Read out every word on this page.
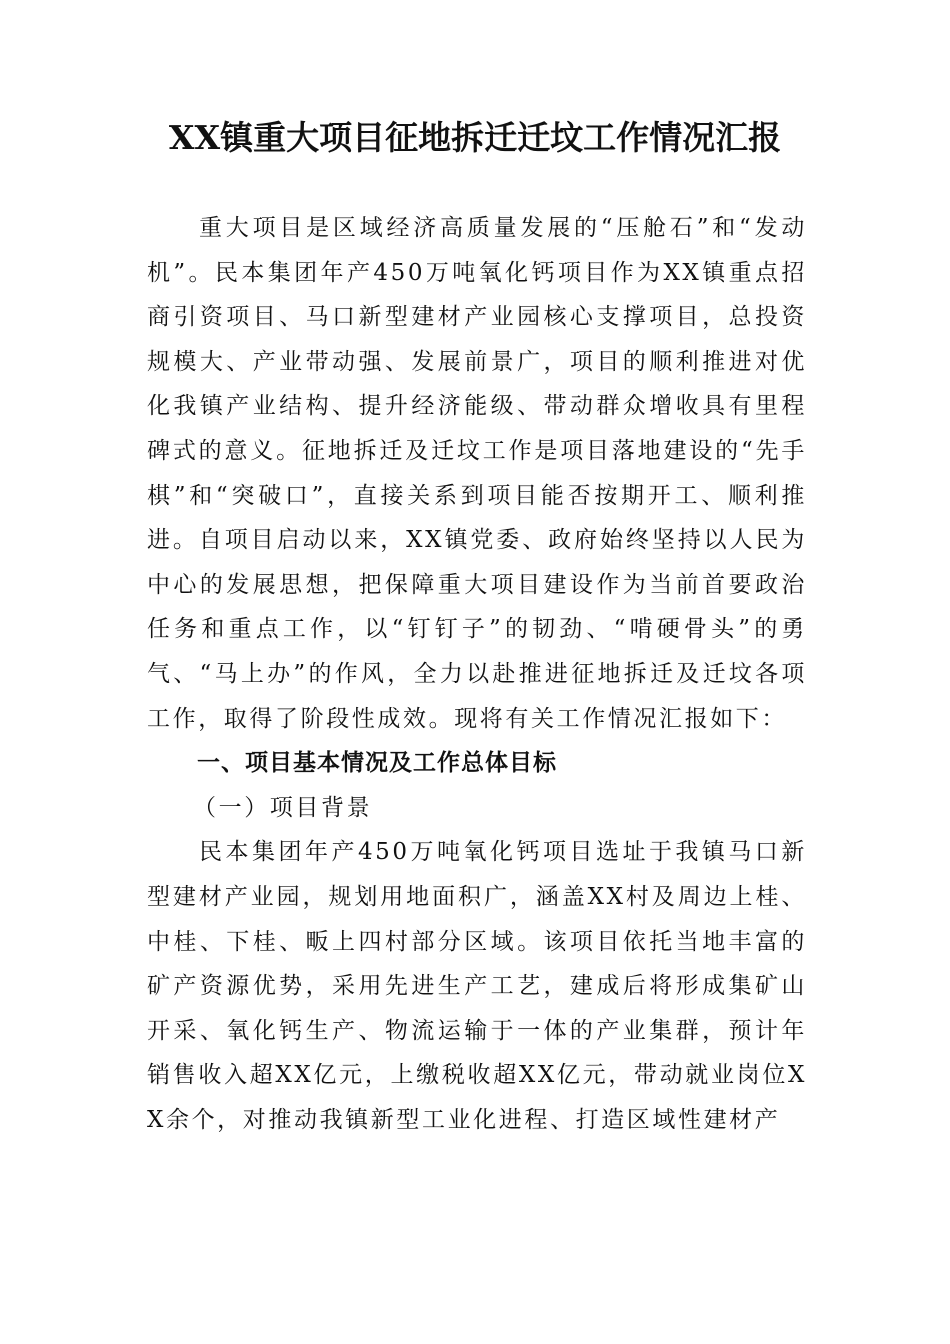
XX镇重大项目征地拆迁迁坟工作情况汇报

重大项目是区域经济高质量发展的“压舱石”和“发动机”。民本集团年产450万吨氧化钙项目作为XX镇重点招商引资项目、马口新型建材产业园核心支撑项目，总投资规模大、产业带动强、发展前景广，项目的顺利推进对优化我镇产业结构、提升经济能级、带动群众增收具有里程碑式的意义。征地拆迁及迁坟工作是项目落地建设的“先手棋”和“突破口”，直接关系到项目能否按期开工、顺利推进。自项目启动以来，XX镇党委、政府始终坚持以人民为中心的发展思想，把保障重大项目建设作为当前首要政治任务和重点工作，以“钉钉子”的韧劲、“啃硬骨头”的勇气、“马上办”的作风，全力以赴推进征地拆迁及迁坟各项工作，取得了阶段性成效。现将有关工作情况汇报如下：

一、项目基本情况及工作总体目标

（一）项目背景

民本集团年产450万吨氧化钙项目选址于我镇马口新型建材产业园，规划用地面积广，涵盖XX村及周边上桂、中桂、下桂、畈上四村部分区域。该项目依托当地丰富的矿产资源优势，采用先进生产工艺，建成后将形成集矿山开采、氧化钙生产、物流运输于一体的产业集群，预计年销售收入超XX亿元，上缴税收超XX亿元，带动就业岗位XX余个，对推动我镇新型工业化进程、打造区域性建材产
